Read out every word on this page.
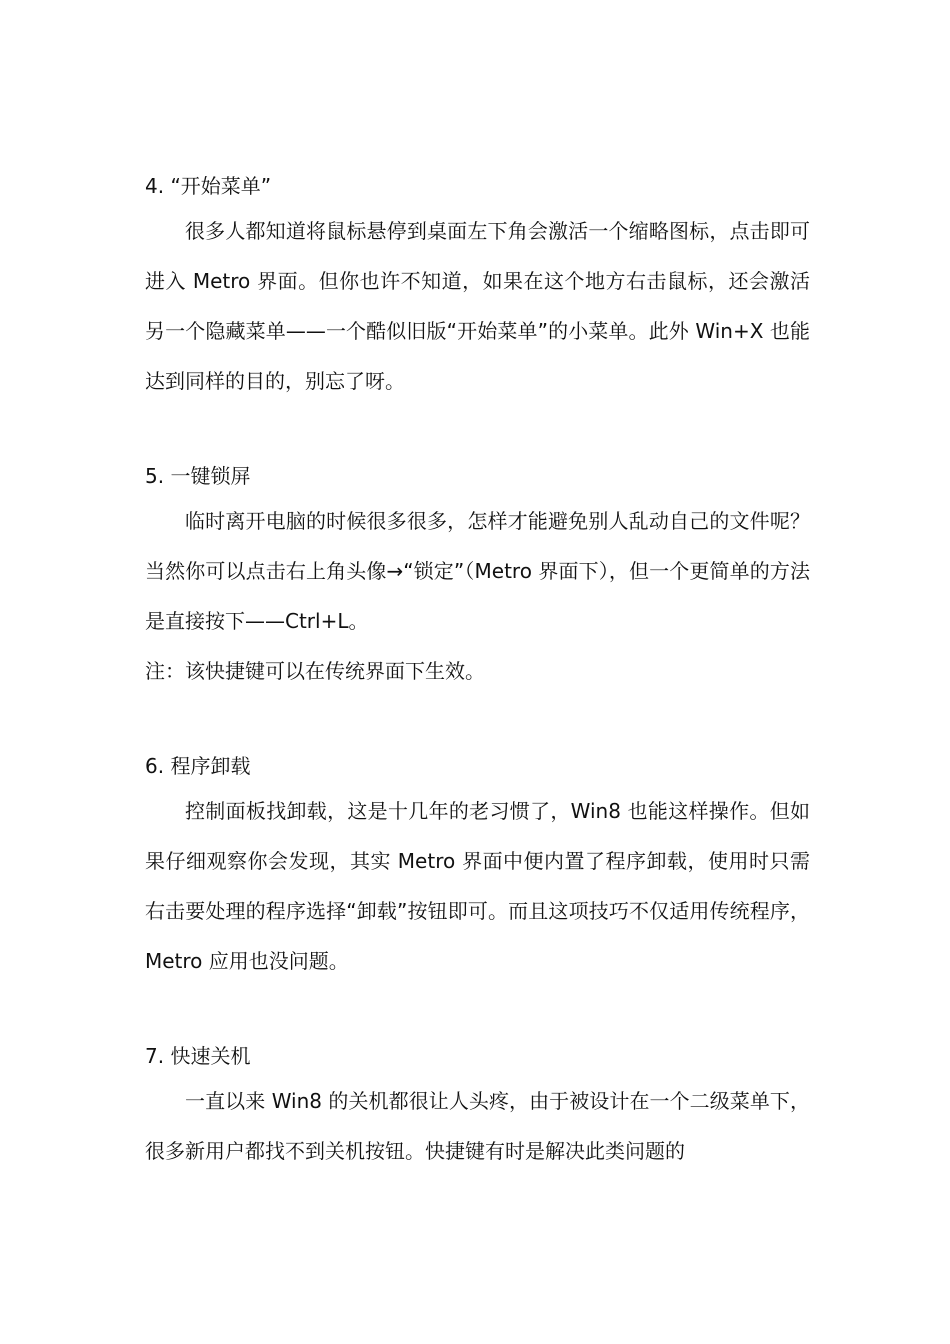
4. “开始菜单”

很多人都知道将鼠标悬停到桌面左下角会激活一个缩略图标，点击即可进入 Metro 界面。但你也许不知道，如果在这个地方右击鼠标，还会激活另一个隐藏菜单——一个酷似旧版“开始菜单”的小菜单。此外 Win+X 也能达到同样的目的，别忘了呀。

5. 一键锁屏

临时离开电脑的时候很多很多，怎样才能避免别人乱动自己的文件呢？当然你可以点击右上角头像→“锁定”（Metro 界面下），但一个更简单的方法是直接按下——Ctrl+L。

注：该快捷键可以在传统界面下生效。

6. 程序卸载

控制面板找卸载，这是十几年的老习惯了，Win8 也能这样操作。但如果仔细观察你会发现，其实 Metro 界面中便内置了程序卸载，使用时只需右击要处理的程序选择“卸载”按钮即可。而且这项技巧不仅适用传统程序，Metro 应用也没问题。

7. 快速关机

一直以来 Win8 的关机都很让人头疼，由于被设计在一个二级菜单下，很多新用户都找不到关机按钮。快捷键有时是解决此类问题的
